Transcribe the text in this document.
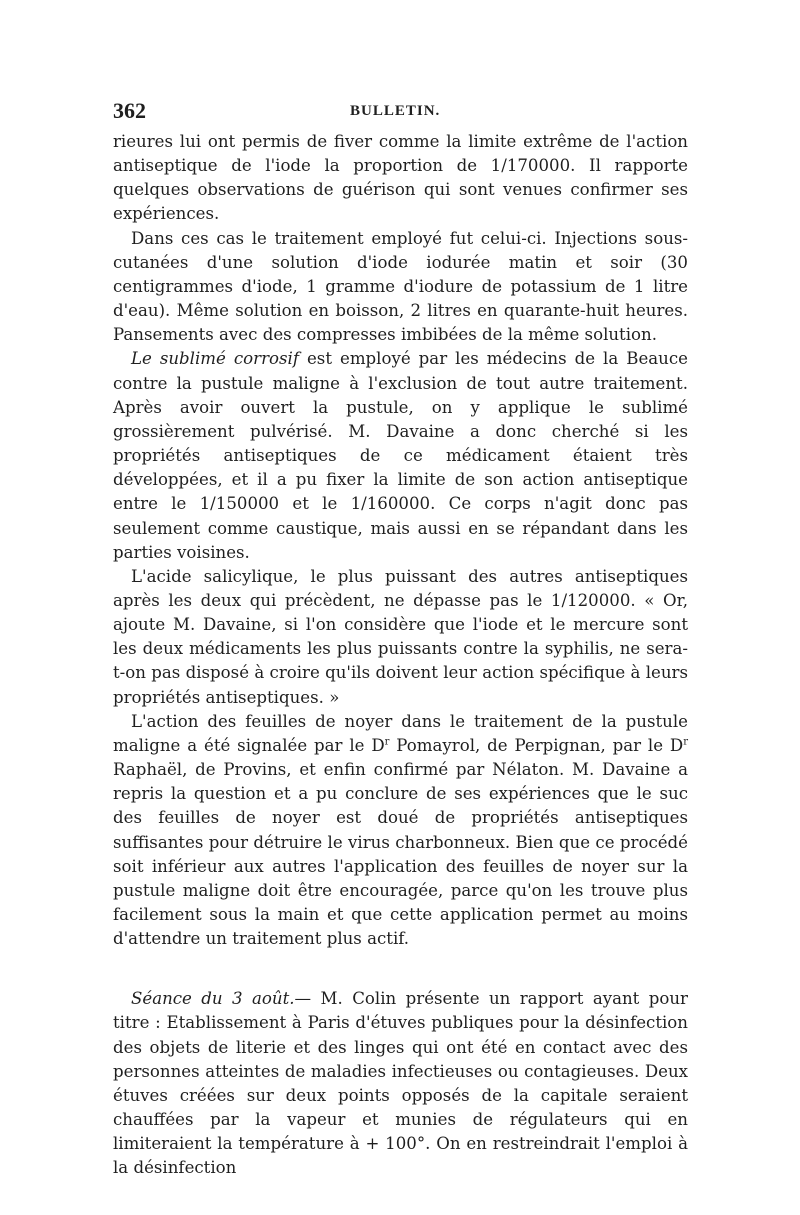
362	BULLETIN.

rieures lui ont permis de fiver comme la limite extrême de l'action antiseptique de l'iode la proportion de 1/170000. Il rapporte quelques observations de guérison qui sont venues confirmer ses expériences.

Dans ces cas le traitement employé fut celui-ci. Injections sous-cutanées d'une solution d'iode iodurée matin et soir (30 centigrammes d'iode, 1 gramme d'iodure de potassium de 1 litre d'eau). Même solution en boisson, 2 litres en quarante-huit heures. Pansements avec des compresses imbibées de la même solution.

Le sublimé corrosif est employé par les médecins de la Beauce contre la pustule maligne à l'exclusion de tout autre traitement. Après avoir ouvert la pustule, on y applique le sublimé grossièrement pulvérisé. M. Davaine a donc cherché si les propriétés antiseptiques de ce médicament étaient très développées, et il a pu fixer la limite de son action antiseptique entre le 1/150000 et le 1/160000. Ce corps n'agit donc pas seulement comme caustique, mais aussi en se répandant dans les parties voisines.

L'acide salicylique, le plus puissant des autres antiseptiques après les deux qui précèdent, ne dépasse pas le 1/120000. « Or, ajoute M. Davaine, si l'on considère que l'iode et le mercure sont les deux médicaments les plus puissants contre la syphilis, ne sera-t-on pas disposé à croire qu'ils doivent leur action spécifique à leurs propriétés antiseptiques. »

L'action des feuilles de noyer dans le traitement de la pustule maligne a été signalée par le $D^r$ Pomayrol, de Perpignan, par le $D^r$ Raphaël, de Provins, et enfin confirmé par Nélaton. M. Davaine a repris la question et a pu conclure de ses expériences que le suc des feuilles de noyer est doué de propriétés antiseptiques suffisantes pour détruire le virus charbonneux. Bien que ce procédé soit inférieur aux autres l'application des feuilles de noyer sur la pustule maligne doit être encouragée, parce qu'on les trouve plus facilement sous la main et que cette application permet au moins d'attendre un traitement plus actif.

Séance du 3 août.— M. Colin présente un rapport ayant pour titre : Etablissement à Paris d'étuves publiques pour la désinfection des objets de literie et des linges qui ont été en contact avec des personnes atteintes de maladies infectieuses ou contagieuses. Deux étuves créées sur deux points opposés de la capitale seraient chauffées par la vapeur et munies de régulateurs qui en limiteraient la température à + 100°. On en restreindrait l'emploi à la désinfection
